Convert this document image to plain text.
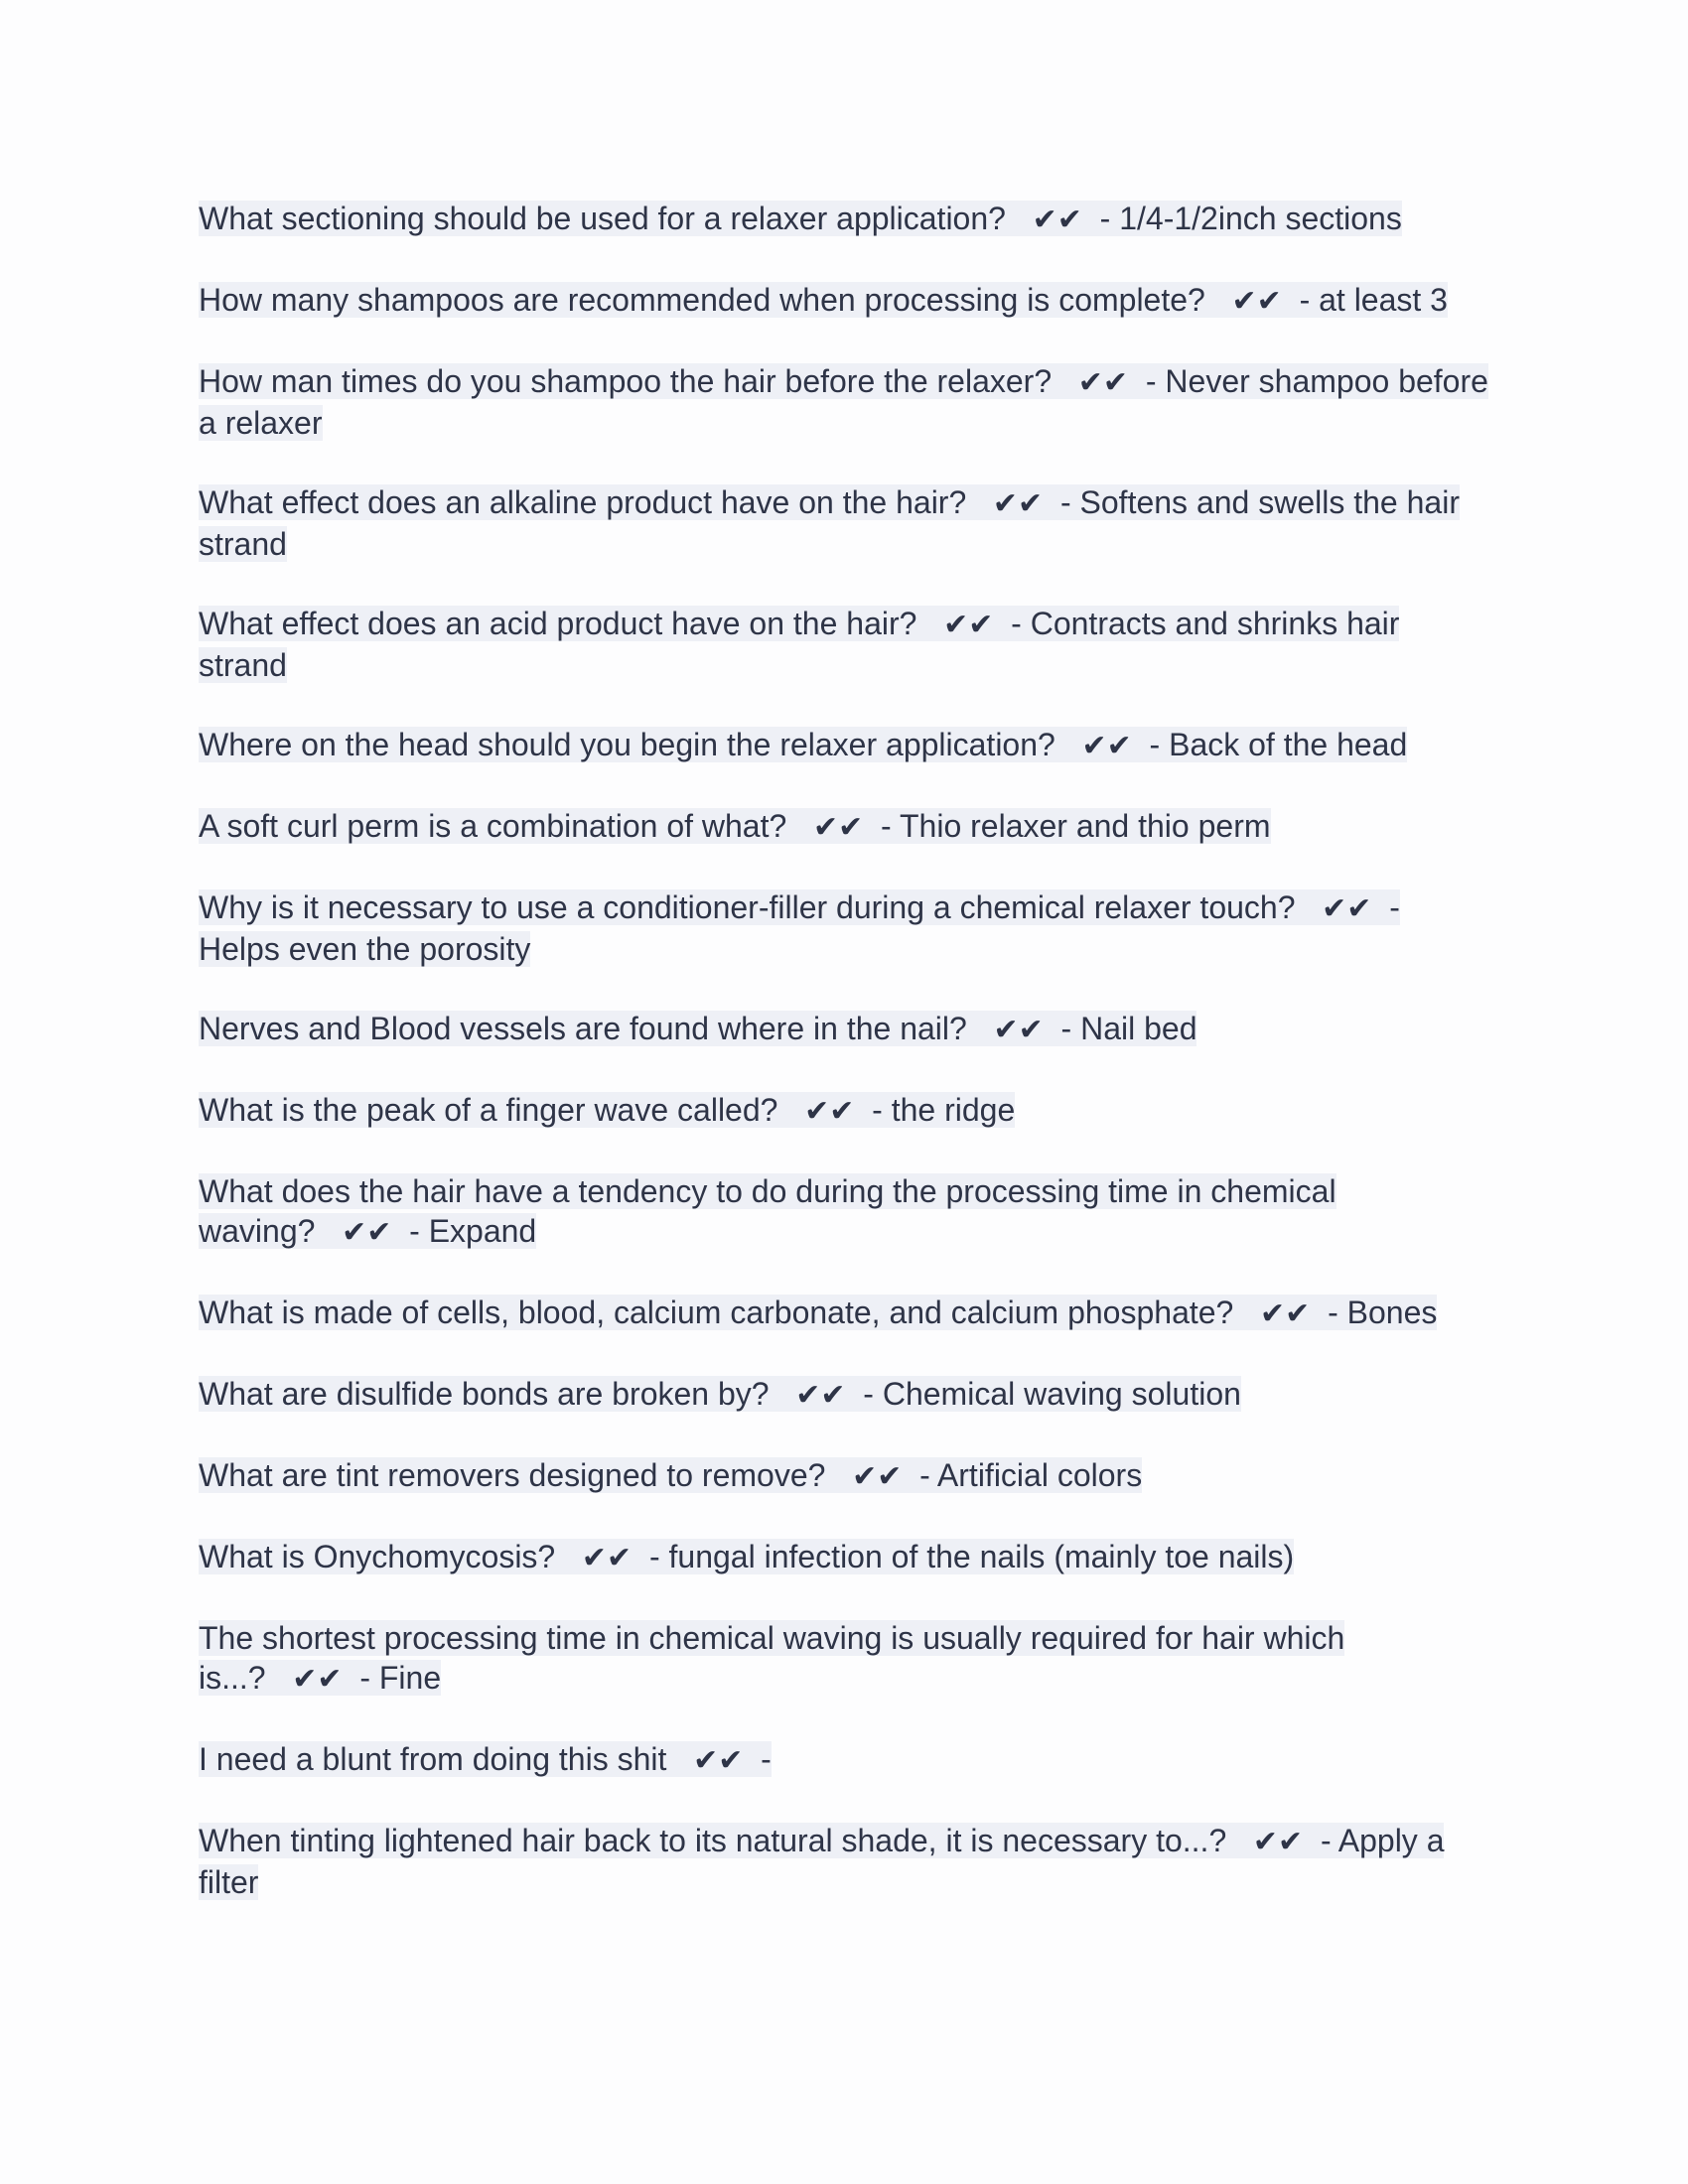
What sectioning should be used for a relaxer application? ✔✔ - 1/4-1/2inch sections

How many shampoos are recommended when processing is complete? ✔✔ - at least 3

How man times do you shampoo the hair before the relaxer? ✔✔ - Never shampoo before a relaxer

What effect does an alkaline product have on the hair? ✔✔ - Softens and swells the hair strand

What effect does an acid product have on the hair? ✔✔ - Contracts and shrinks hair strand

Where on the head should you begin the relaxer application? ✔✔ - Back of the head

A soft curl perm is a combination of what? ✔✔ - Thio relaxer and thio perm

Why is it necessary to use a conditioner-filler during a chemical relaxer touch? ✔✔ - Helps even the porosity

Nerves and Blood vessels are found where in the nail? ✔✔ - Nail bed

What is the peak of a finger wave called? ✔✔ - the ridge

What does the hair have a tendency to do during the processing time in chemical waving? ✔✔ - Expand

What is made of cells, blood, calcium carbonate, and calcium phosphate? ✔✔ - Bones

What are disulfide bonds are broken by? ✔✔ - Chemical waving solution

What are tint removers designed to remove? ✔✔ - Artificial colors

What is Onychomycosis? ✔✔ - fungal infection of the nails (mainly toe nails)

The shortest processing time in chemical waving is usually required for hair which is...? ✔✔ - Fine

I need a blunt from doing this shit ✔✔ -

When tinting lightened hair back to its natural shade, it is necessary to...? ✔✔ - Apply a filter
